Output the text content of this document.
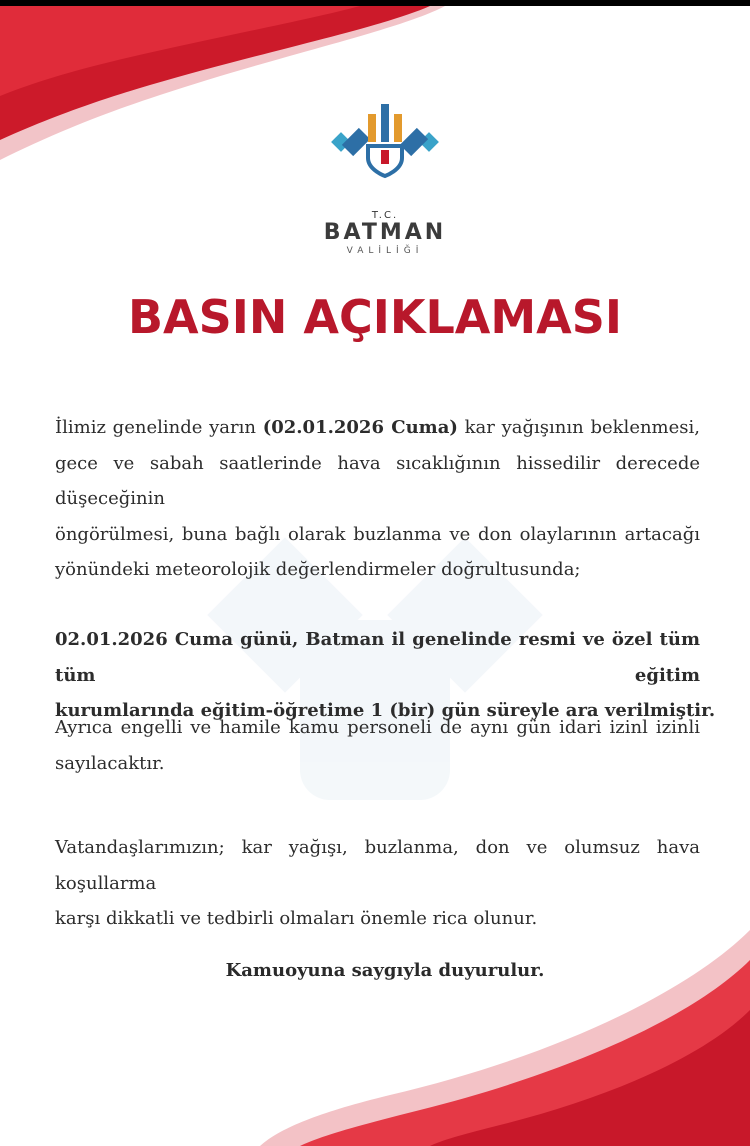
T.C.
BATMAN
VALİLİĞİ
BASIN AÇIKLAMASI
İlimiz genelinde yarın (02.01.2026 Cuma) kar yağışının beklenmesi,
gece ve sabah saatlerinde hava sıcaklığının hissedilir derecede düşeceğinin
öngörülmesi, buna bağlı olarak buzlanma ve don olaylarının artacağı
yönündeki meteorolojik değerlendirmeler doğrultusunda;
02.01.2026 Cuma günü, Batman il genelinde resmi ve özel tüm tüm eğitim
kurumlarında eğitim-öğretime 1 (bir) gün süreyle ara verilmiştir.
Ayrıca engelli ve hamile kamu personeli de aynı gün idari izinl izinli
sayılacaktır.
Vatandaşlarımızın; kar yağışı, buzlanma, don ve olumsuz hava koşullarma
karşı dikkatli ve tedbirli olmaları önemle rica olunur.
Kamuoyuna saygıyla duyurulur.
